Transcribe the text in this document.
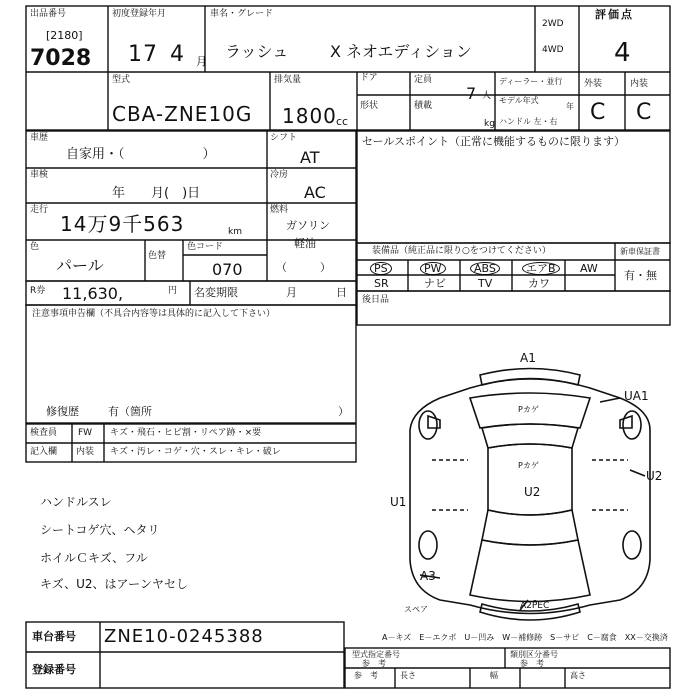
出品番号
[2180]
7028
初度登録年月
17 4 月
車名・グレード
ラッシュ	X ネオエディション
2WD
4WD
評価点
4
型式
CBA-ZNE10G
排気量
1800 cc
ドア	定員
7 人
形状	積載
kg
ディーラー・並行
モデル年式
年
ハンドル 左・右
外装	内装
C C
車歴
自家用・（　　　　　　）
シフト
AT
車検
年　　月(　)日
冷房
AC
走行
14万9千563	km
燃料
ガソリン
軽油
（　　　）
色
パール	色替
色コード
070
R券 11,630,	円 名変期限	月	日
セールスポイント（正常に機能するものに限ります）
装備品（純正品に限り○をつけてください）	新車保証書
有・無
PS	PW	ABS	エアB	AW
SR	ナビ	TV	カワ
後日品
注意事項申告欄（不具合内容等は具体的に記入して下さい）
修復歴	有（箇所	）
検査員 FW キズ・飛石・ヒビ割・リペア跡・×要
記入欄 内装 キズ・汚レ・コゲ・穴・スレ・キレ・破レ
ハンドルスレ
シートコゲ穴、ヘタリ
ホイルＣキズ、フル
キズ、U2、はアーンヤセし
A1
UA1
Pカゲ
Pカゲ
U2
U2
U1
A3
スペア	A2P̄EC
A－キズ　E－エクボ　U－凹み　W－補修跡　S－サビ　C－腐食　XX－交換済
車台番号 ZNE10-0245388
登録番号
型式指定番号
参　考
類別区分番号
参　考
参　考	長さ	幅	高さ
